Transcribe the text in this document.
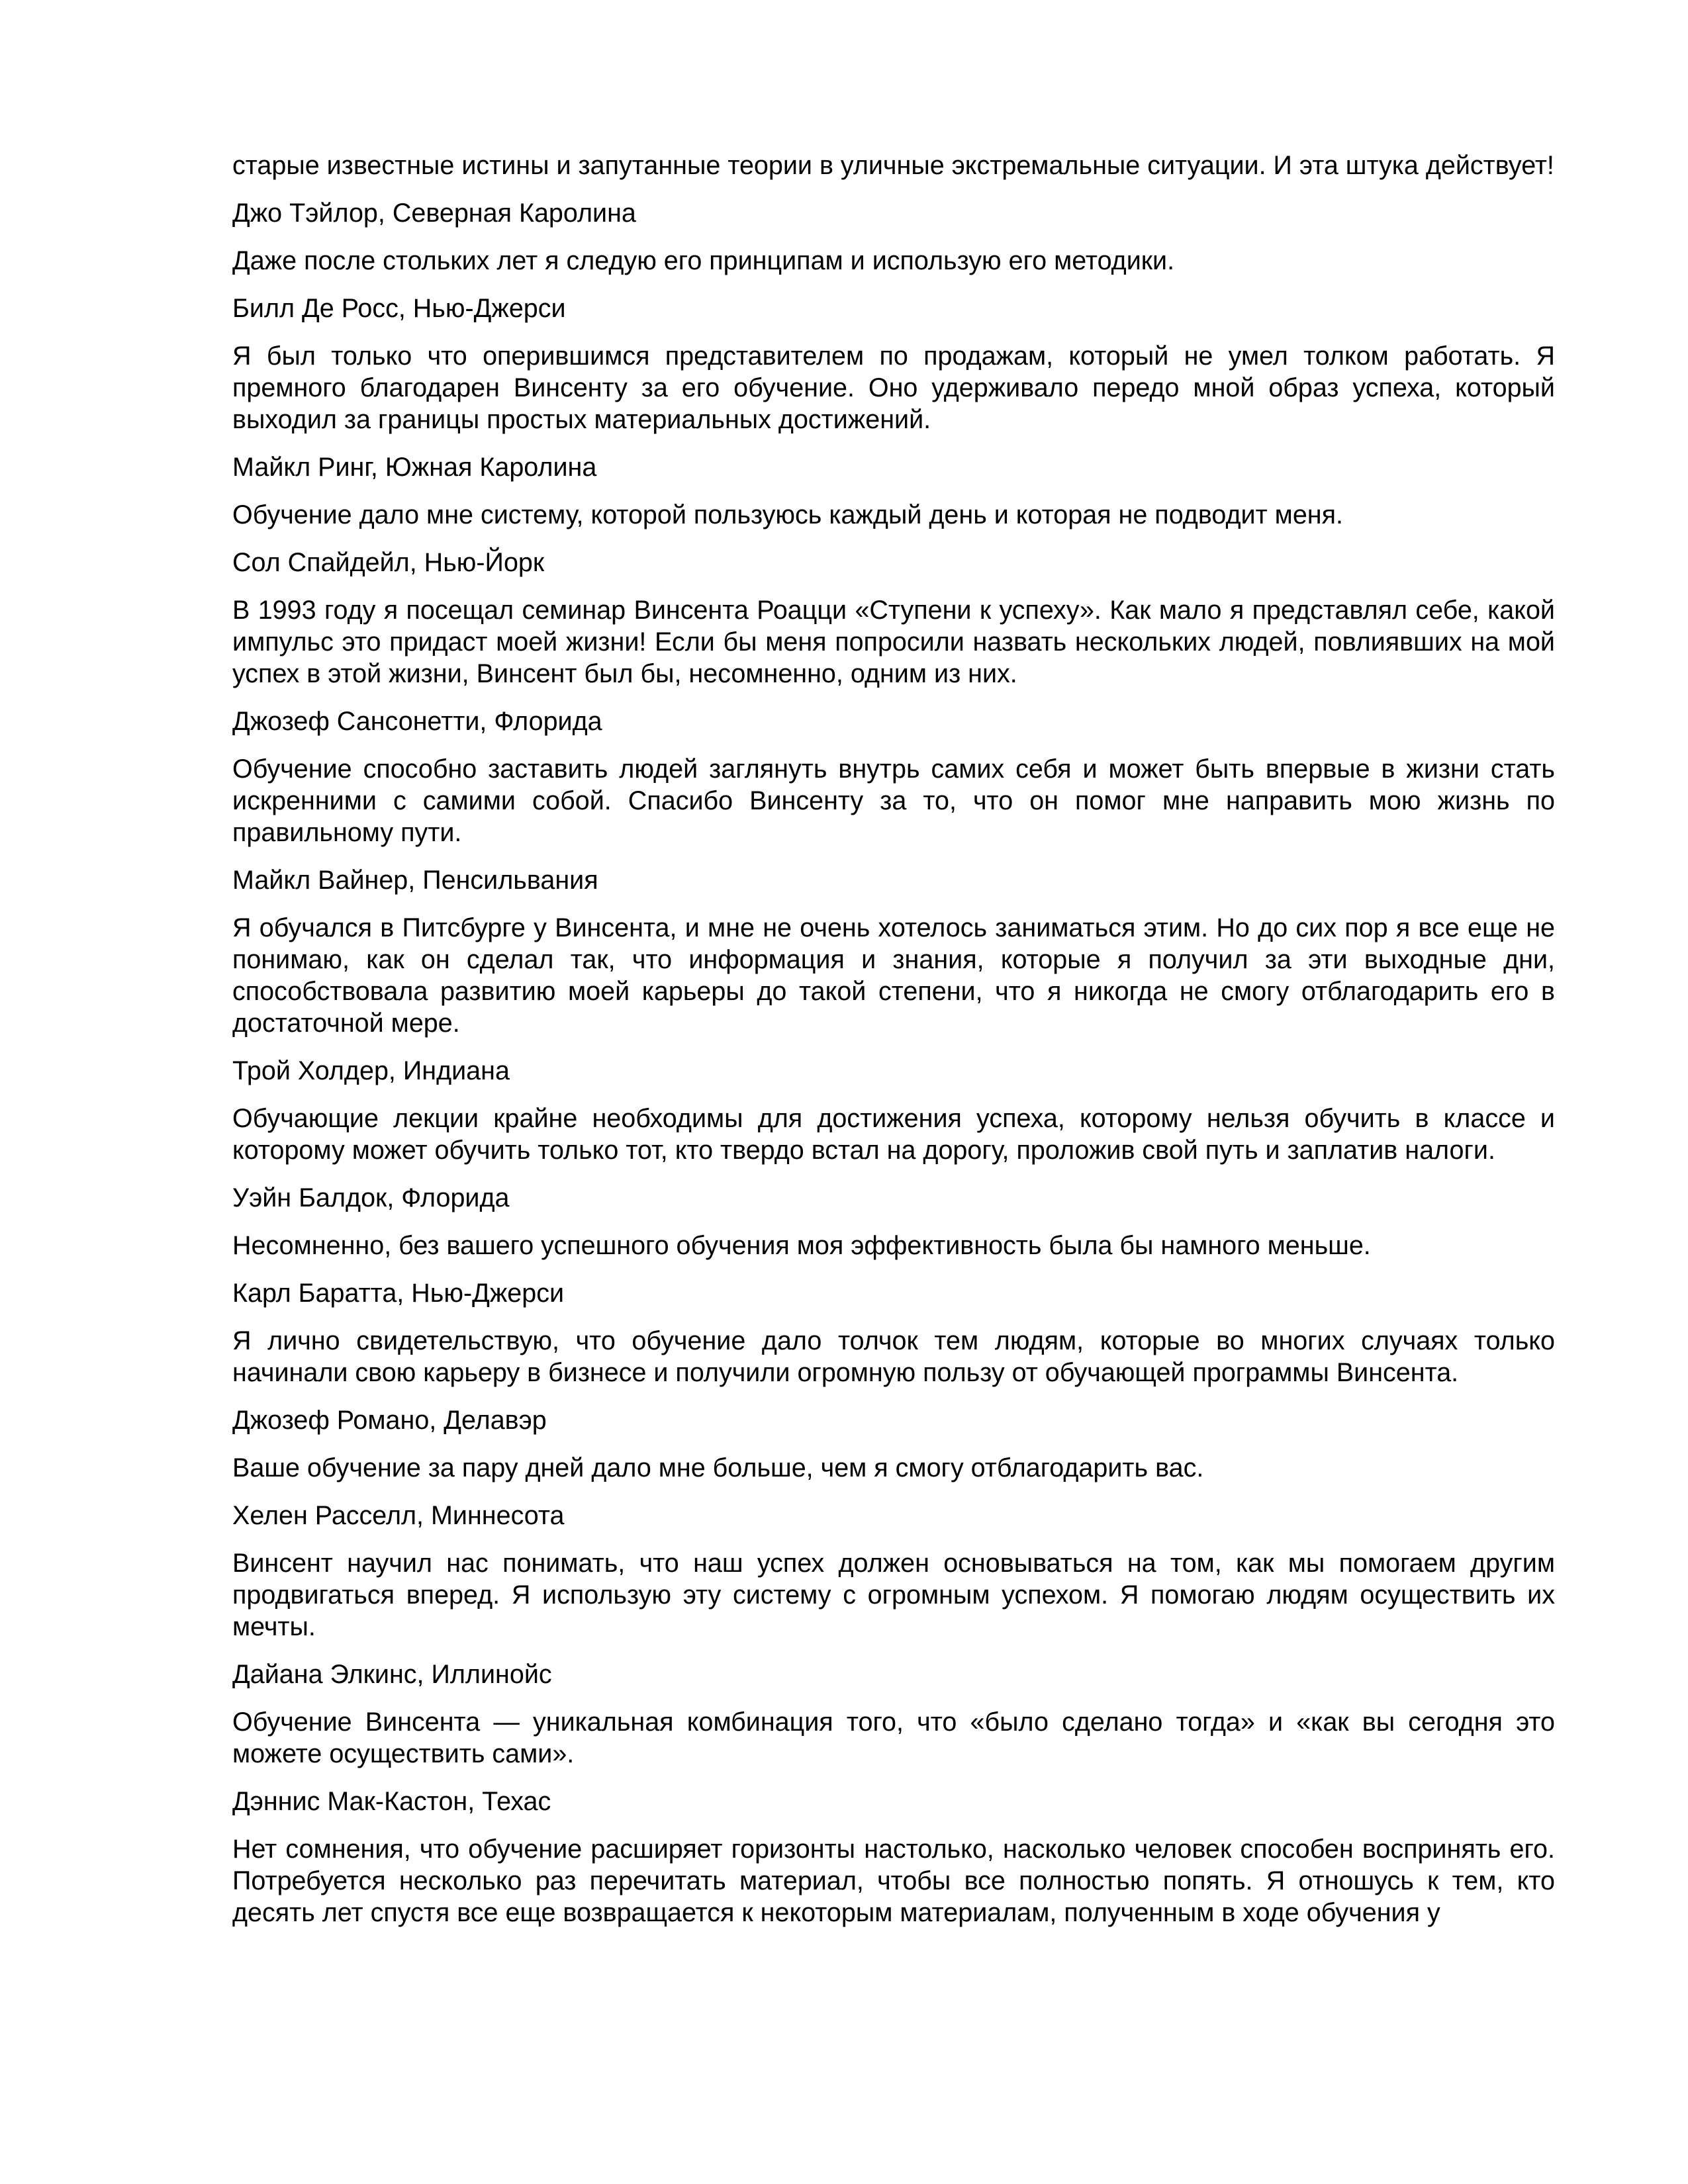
старые известные истины и запутанные теории в уличные экстремальные ситуации. И эта штука действует!

Джо Тэйлор, Северная Каролина

Даже после стольких лет я следую его принципам и использую его методики.

Билл Де Росс, Нью-Джерси

Я был только что оперившимся представителем по продажам, который не умел толком работать. Я премного благодарен Винсенту за его обучение. Оно удерживало передо мной образ успеха, который выходил за границы простых материальных достижений.

Майкл Ринг, Южная Каролина

Обучение дало мне систему, которой пользуюсь каждый день и которая не подводит меня.

Сол Спайдейл, Нью-Йорк

В 1993 году я посещал семинар Винсента Роацци «Ступени к успеху». Как мало я представлял себе, какой импульс это придаст моей жизни! Если бы меня попросили назвать нескольких людей, повлиявших на мой успех в этой жизни, Винсент был бы, несомненно, одним из них.

Джозеф Сансонетти, Флорида

Обучение способно заставить людей заглянуть внутрь самих себя и может быть впервые в жизни стать искренними с самими собой. Спасибо Винсенту за то, что он помог мне направить мою жизнь по правильному пути.

Майкл Вайнер, Пенсильвания

Я обучался в Питсбурге у Винсента, и мне не очень хотелось заниматься этим. Но до сих пор я все еще не понимаю, как он сделал так, что информация и знания, которые я получил за эти выходные дни, способствовала развитию моей карьеры до такой степени, что я никогда не смогу отблагодарить его в достаточной мере.

Трой Холдер, Индиана

Обучающие лекции крайне необходимы для достижения успеха, которому нельзя обучить в классе и которому может обучить только тот, кто твердо встал на дорогу, проложив свой путь и заплатив налоги.

Уэйн Балдок, Флорида

Несомненно, без вашего успешного обучения моя эффективность была бы намного меньше.

Карл Баратта, Нью-Джерси

Я лично свидетельствую, что обучение дало толчок тем людям, которые во многих случаях только начинали свою карьеру в бизнесе и получили огромную пользу от обучающей программы Винсента.

Джозеф Романо, Делавэр

Ваше обучение за пару дней дало мне больше, чем я смогу отблагодарить вас.

Хелен Расселл, Миннесота

Винсент научил нас понимать, что наш успех должен основываться на том, как мы помогаем другим продвигаться вперед. Я использую эту систему с огромным успехом. Я помогаю людям осуществить их мечты.

Дайана Элкинс, Иллинойс

Обучение Винсента — уникальная комбинация того, что «было сделано тогда» и «как вы сегодня это можете осуществить сами».

Дэннис Мак-Кастон, Техас

Нет сомнения, что обучение расширяет горизонты настолько, насколько человек способен воспринять его. Потребуется несколько раз перечитать материал, чтобы все полностью попять. Я отношусь к тем, кто десять лет спустя все еще возвращается к некоторым материалам, полученным в ходе обучения у
